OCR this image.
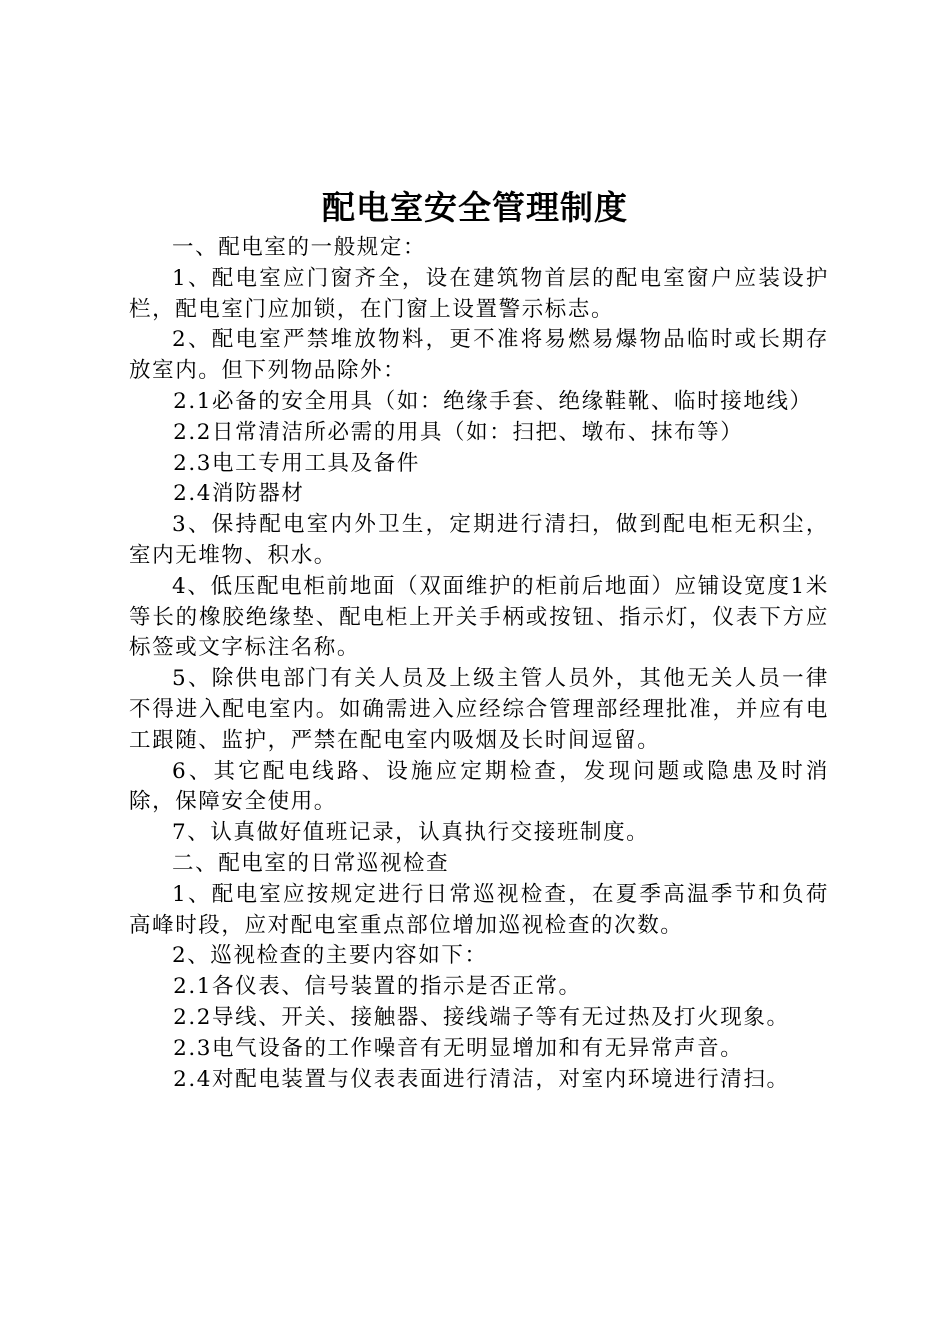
配电室安全管理制度

一、配电室的一般规定：

1、配电室应门窗齐全，设在建筑物首层的配电室窗户应装设护栏，配电室门应加锁，在门窗上设置警示标志。

2、配电室严禁堆放物料，更不准将易燃易爆物品临时或长期存放室内。但下列物品除外：

2.1必备的安全用具（如：绝缘手套、绝缘鞋靴、临时接地线）

2.2日常清洁所必需的用具（如：扫把、墩布、抹布等）

2.3电工专用工具及备件

2.4消防器材

3、保持配电室内外卫生，定期进行清扫，做到配电柜无积尘，室内无堆物、积水。

4、低压配电柜前地面（双面维护的柜前后地面）应铺设宽度1米等长的橡胶绝缘垫、配电柜上开关手柄或按钮、指示灯，仪表下方应标签或文字标注名称。

5、除供电部门有关人员及上级主管人员外，其他无关人员一律不得进入配电室内。如确需进入应经综合管理部经理批准，并应有电工跟随、监护，严禁在配电室内吸烟及长时间逗留。

6、其它配电线路、设施应定期检查，发现问题或隐患及时消除，保障安全使用。

7、认真做好值班记录，认真执行交接班制度。

二、配电室的日常巡视检查

1、配电室应按规定进行日常巡视检查，在夏季高温季节和负荷高峰时段，应对配电室重点部位增加巡视检查的次数。

2、巡视检查的主要内容如下：

2.1各仪表、信号装置的指示是否正常。

2.2导线、开关、接触器、接线端子等有无过热及打火现象。

2.3电气设备的工作噪音有无明显增加和有无异常声音。

2.4对配电装置与仪表表面进行清洁，对室内环境进行清扫。
